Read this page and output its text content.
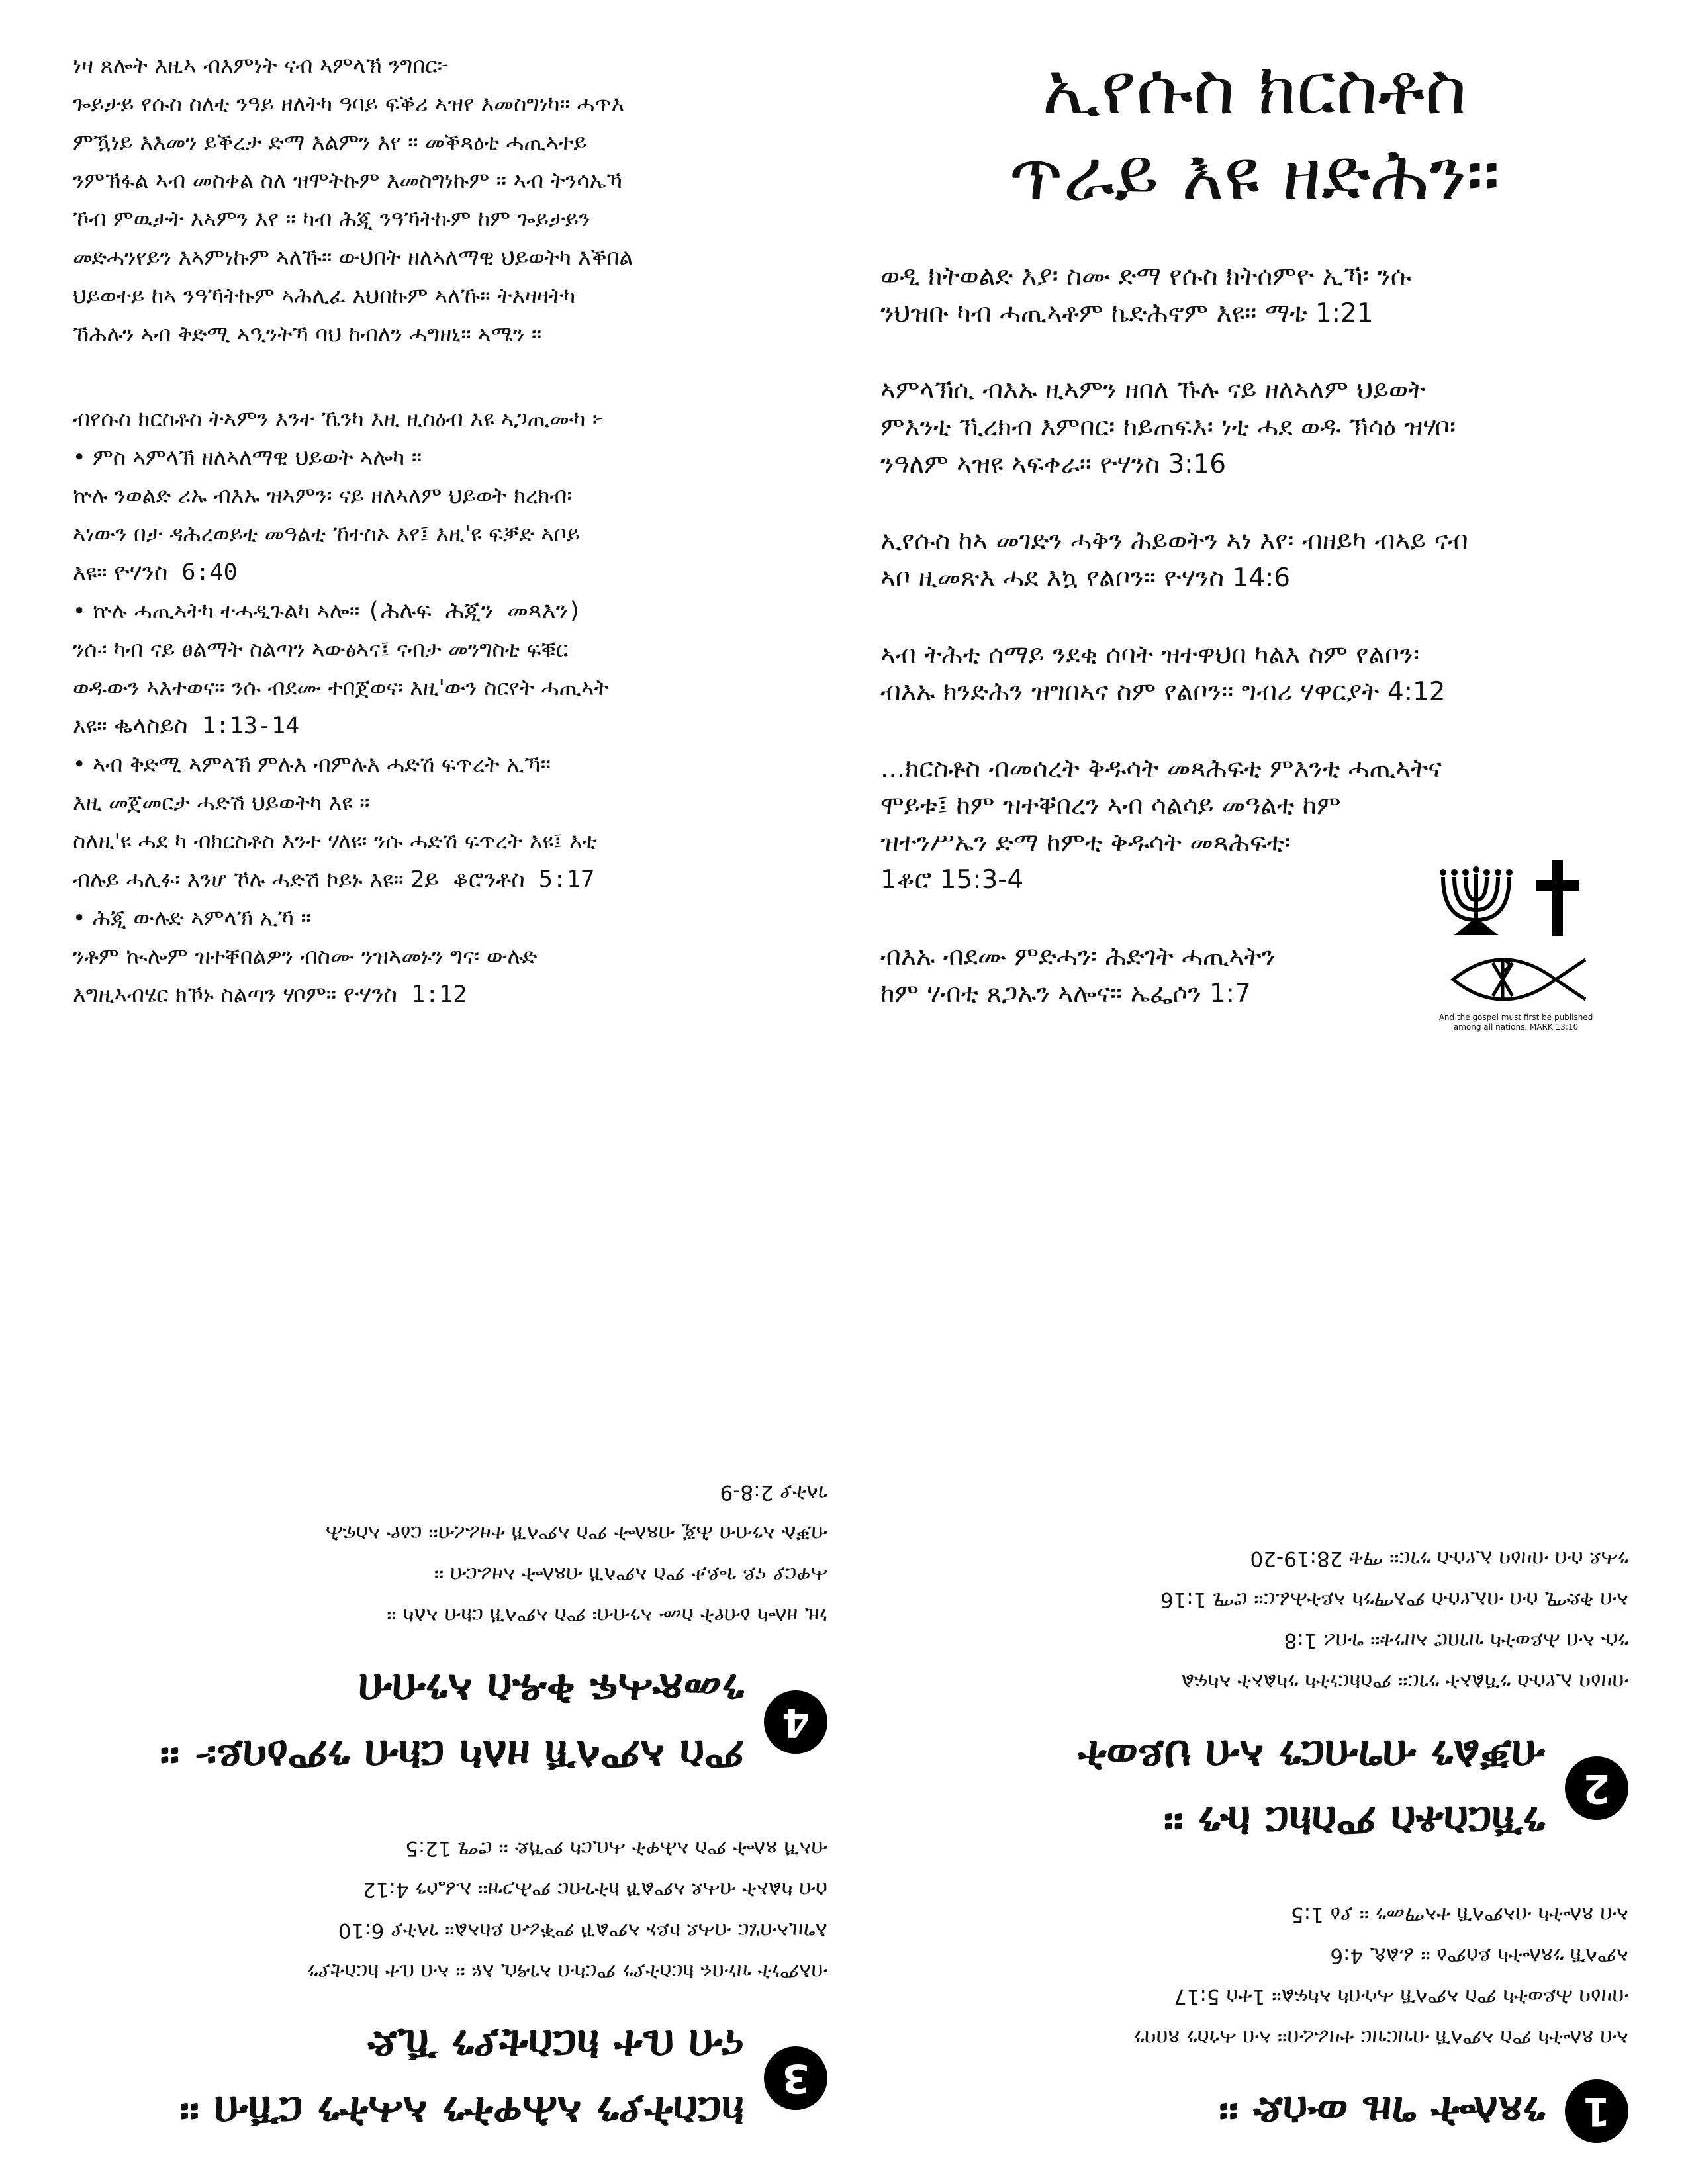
ነዛ ጸሎት እዚኣ ብእምነት ናብ ኣምላኽ ንግበር፦
ጐይታይ የሱስ ስለቲ ንዓይ ዘለትካ ዓባይ ፍቕሪ ኣዝየ እመስግነካ። ሓጥእ
ምዃነይ እእመን ይቕረታ ድማ እልምን እየ ። መቕጻዕቲ ሓጢኣተይ
ንምኽፋል ኣብ መስቀል ስለ ዝሞትኩም እመስግነኩም ። ኣብ ትንሳኤኻ
ኾብ ምዉታት እኣምን እየ ። ካብ ሕጂ ንዓኻትኩም ከም ጐይታይን
መድሓንየይን እኣምነኩም ኣለኹ። ውህበት ዘለኣለማዊ ህይወትካ እቕበል
ህይወተይ ከኣ ንዓኻትኩም ኣሕሊፈ እህበኩም ኣለኹ። ትእዛዛትካ
ኸሕሉን ኣብ ቅድሚ ኣዒንትኻ ባህ ከብለን ሓግዘኒ። ኣሜን ።
ብየሱስ ክርስቶስ ትኣምን እንተ ኼንካ እዚ ዚስዕብ እዩ ኣጋጢሙካ ፦
• ምስ ኣምላኽ ዘለኣለማዊ ህይወት ኣሎካ ።
ኵሉ ንወልድ ሪኡ ብእኡ ዝኣምን፡ ናይ ዘለኣለም ህይወት ክረክብ፡
ኣነውን በታ ዳሕረወይቲ መዓልቲ ኸተስኦ እየ፤ እዚ'ዩ ፍቓድ ኣቦይ
እዩ። ዮሃንስ 6:40
• ኵሉ ሓጢኣትካ ተሓዲጉልካ ኣሎ። (ሕሉፍ ሕጂን መጻእን)
ንሱ፡ ካብ ናይ ፀልማት ስልጣን ኣውፅኣና፤ ናብታ መንግስቲ ፍቑር
ወዱውን ኣእተወና። ንሱ ብደሙ ተበጀወና፡ እዚ'ውን ስርየት ሓጢኣት
እዩ። ቈላስይስ 1:13-14
• ኣብ ቅድሚ ኣምላኽ ምሉእ ብምሉእ ሓድሽ ፍጥረት ኢኻ።
እዚ መጀመርታ ሓድሽ ህይወትካ እዩ ።
ስለዚ'ዩ ሓደ ካ ብክርስቶስ እንተ ሃለዩ፡ ንሱ ሓድሽ ፍጥረት እዩ፤ እቲ
ብሉይ ሓሊፉ፡ እንሆ ኾሉ ሓድሽ ኮይኑ እዩ። 2ይ ቆሮንቶስ 5:17
• ሕጂ ውሉድ ኣምላኽ ኢኻ ።
ንቶም ኲሎም ዝተቐበልዎን ብስሙ ንዝኣመኑን ግና፡ ውሉድ
እግዚኣብሄር ክኾኑ ስልጣን ሃቦም። ዮሃንስ 1:12
ኢየሱስ ክርስቶስ
ጥራይ እዩ ዘድሕን።
ወዲ ክትወልድ እያ፡ ስሙ ድማ የሱስ ክትሰምዮ ኢኻ፡ ንሱ
ንህዝቡ ካብ ሓጢኣቶም ኬድሕኖም እዩ። ማቴ 1:21
ኣምላኽሲ ብእኡ ዚኣምን ዘበለ ኹሉ ናይ ዘለኣለም ህይወት
ምእንቲ ኺረክብ እምበር፡ ከይጠፍእ፡ ነቲ ሓደ ወዱ ኽሳዕ ዝሃቦ፡
ንዓለም ኣዝዩ ኣፍቀራ። ዮሃንስ 3:16
ኢየሱስ ከኣ መገድን ሓቅን ሕይወትን ኣነ እየ፡ ብዘይካ ብኣይ ናብ
ኣቦ ዚመጽእ ሓደ እኳ የልቦን። ዮሃንስ 14:6
ኣብ ትሕቲ ሰማይ ንደቂ ሰባት ዝተዋህበ ካልእ ስም የልቦን፡
ብእኡ ክንድሕን ዝግበኣና ስም የልቦን። ግብሪ ሃዋርያት 4:12
...ክርስቶስ ብመሰረት ቅዱሳት መጻሕፍቲ ምእንቲ ሓጢኣትና
ሞይቱ፤ ከም ዝተቐበረን ኣብ ሳልሳይ መዓልቲ ከም
ዝተንሥኤን ድማ ከምቲ ቅዱሳት መጻሕፍቲ፡
1ቆሮ 15:3-4
ብእኡ ብደሙ ምድሓን፡ ሕድገት ሓጢኣትን
ከም ሃብቲ ጸጋኡን ኣሎና። ኤፌሶን 1:7
And the gospel must first be published
among all nations. MARK 13:10
3
ክርስትያን ኣሕዋትን ኣሓትን ርኸብ ።
ናብ ቤተ ክርስቲያን ኺድ
ብእምነት ዝነብሩ ክርስትያን ምርካብ ኣገዳሲ እዩ ። ኣብ ቤተ ክርስቲያን
እግዚኣብሄር ብሓደ ኮይኑ ኣምልኾ ምቕራብ ይከኣል። ገላትያ 6:10
ሰብ ካልኦት ብሓደ ኣምልኾ ክትገብር ምሕጋዝ። ኤፌሶን 4:12
ብኣኻ ጸሎት ምስ ኣሕዋት ሓቢርካ ምኻድ ። ሮሜ 12:5
4
ምስ ኣምላኽ ዘለካ ርክብ ንምዕባይ፦ ።
ንመጽሓፍ ቅዱስ ኣንብብ
ነዚ ዘሎካ ዕብየት ስሙ ኣንብብ፡ ምስ ኣምላኽ ርክብ ኣለካ ።
ሓዋርያ ናይ ጐይታ ምስ ኣምላኽ ብጸሎት ኣዛራርብ ።
ብቓሉ ኣንብብ ሕጂ ብጸሎት ምስ ኣምላኽ ተዛራረብ። ርዕዮ ኣስፍሕ
ገላትያ 2:8-9
1
ንጸሎት ግዜ ውሰድ ።
ኣብ ጸሎትካ ምስ ኣምላኽ ብዝርዝር ተዛራረብ። ኣብ ሓጎስን ጸበባን
ብዛዕባ ሕይወትካ ምስ ኣምላኽ ሓሳብካ ኣካፍል። 1ተሰ 5:17
ኣምላኽ ንጸሎትካ ይሰምዕ ። ፊልጲ 4:6
ኣብ ጸሎትካ ብኣምላኽ ተኣማመን ። ያዕ 1:5
2
ንኽርስቶስ ምስክር ኩን ።
ብቓልን ብግብርን ኣብ ህይወት
ብዛዕባ ኢየሱስ ንኻልኦት ንገር። ምስክርነትካ ንካልኦት ኣካፍል
ንሱ ኣብ ሕይወትካ ዝገበሮ ኣዘንቱ። ግብሪ 1:8
ኣብ ቅድሚ ሰብ ብኢየሱስ ምእማንካ ኣይትሕፈር። ሮሜ 1:16
ንሓደ ሰብ ብዛዕባ ኢየሱስ ንገር። ማቴ 28:19-20
